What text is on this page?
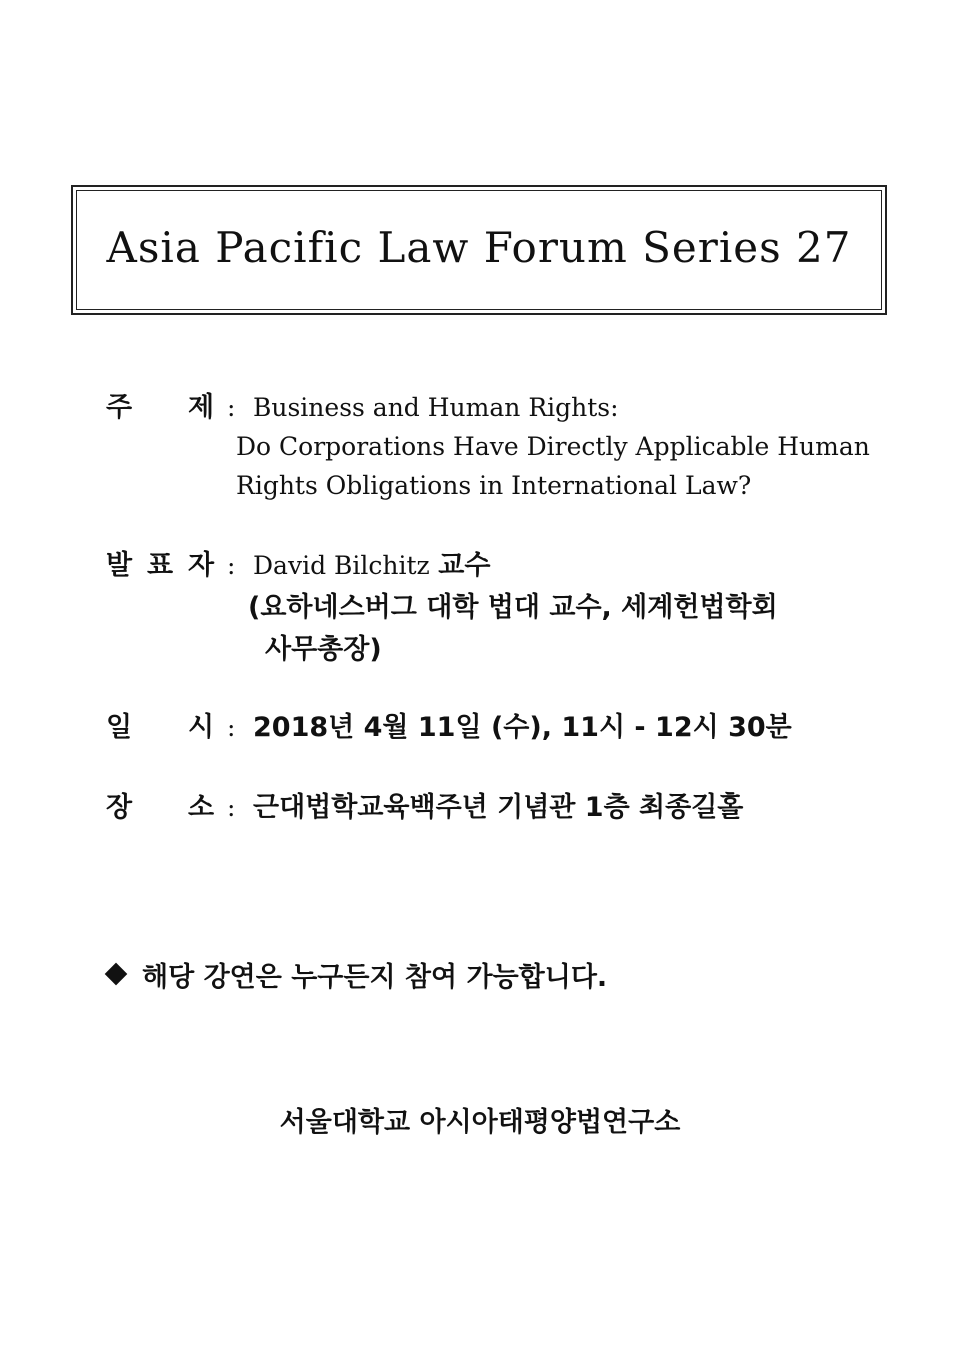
Asia Pacific Law Forum Series 27
주 제 : Business and Human Rights:
Do Corporations Have Directly Applicable Human
Rights Obligations in International Law?
발 표 자 : David Bilchitz 교수
(요하네스버그 대학 법대 교수, 세계헌법학회
사무총장)
일 시 : 2018년 4월 11일 (수), 11시 - 12시 30분
장 소 : 근대법학교육백주년 기념관 1층 최종길홀
해당 강연은 누구든지 참여 가능합니다.
서울대학교 아시아태평양법연구소
